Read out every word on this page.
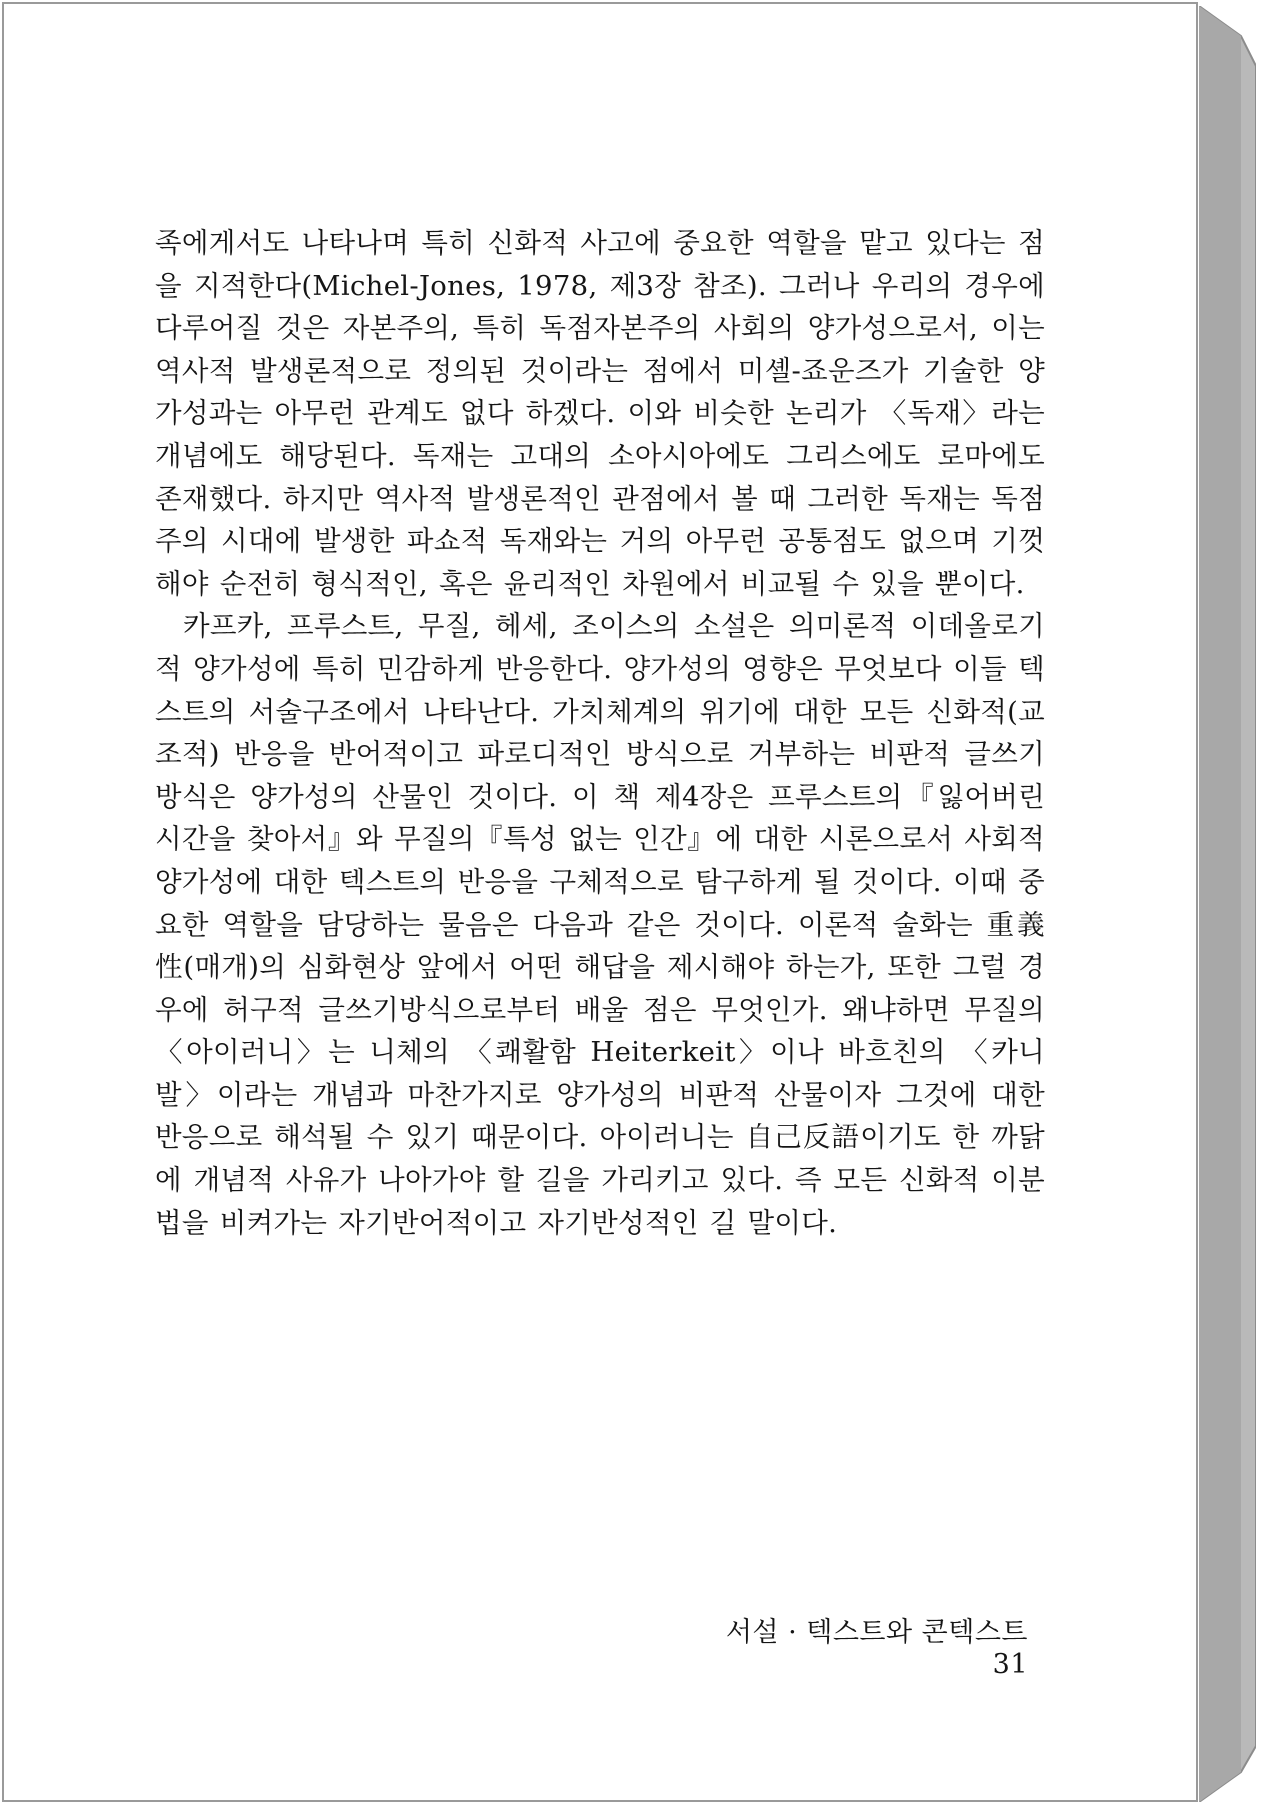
족에게서도 나타나며 특히 신화적 사고에 중요한 역할을 맡고 있다는 점을 지적한다(Michel-Jones, 1978, 제3장 참조). 그러나 우리의 경우에 다루어질 것은 자본주의, 특히 독점자본주의 사회의 양가성으로서, 이는 역사적 발생론적으로 정의된 것이라는 점에서 미셸-죠운즈가 기술한 양가성과는 아무런 관계도 없다 하겠다. 이와 비슷한 논리가 〈독재〉라는 개념에도 해당된다. 독재는 고대의 소아시아에도 그리스에도 로마에도 존재했다. 하지만 역사적 발생론적인 관점에서 볼 때 그러한 독재는 독점주의 시대에 발생한 파쇼적 독재와는 거의 아무런 공통점도 없으며 기껏해야 순전히 형식적인, 혹은 윤리적인 차원에서 비교될 수 있을 뿐이다.

카프카, 프루스트, 무질, 헤세, 조이스의 소설은 의미론적 이데올로기적 양가성에 특히 민감하게 반응한다. 양가성의 영향은 무엇보다 이들 텍스트의 서술구조에서 나타난다. 가치체계의 위기에 대한 모든 신화적(교조적) 반응을 반어적이고 파로디적인 방식으로 거부하는 비판적 글쓰기방식은 양가성의 산물인 것이다. 이 책 제4장은 프루스트의『잃어버린 시간을 찾아서』와 무질의『특성 없는 인간』에 대한 시론으로서 사회적 양가성에 대한 텍스트의 반응을 구체적으로 탐구하게 될 것이다. 이때 중요한 역할을 담당하는 물음은 다음과 같은 것이다. 이론적 술화는 重義性(매개)의 심화현상 앞에서 어떤 해답을 제시해야 하는가, 또한 그럴 경우에 허구적 글쓰기방식으로부터 배울 점은 무엇인가. 왜냐하면 무질의 〈아이러니〉는 니체의 〈쾌활함 Heiterkeit〉이나 바흐친의 〈카니발〉이라는 개념과 마찬가지로 양가성의 비판적 산물이자 그것에 대한 반응으로 해석될 수 있기 때문이다. 아이러니는 自己反語이기도 한 까닭에 개념적 사유가 나아가야 할 길을 가리키고 있다. 즉 모든 신화적 이분법을 비켜가는 자기반어적이고 자기반성적인 길 말이다.

서설 · 텍스트와 콘텍스트31
